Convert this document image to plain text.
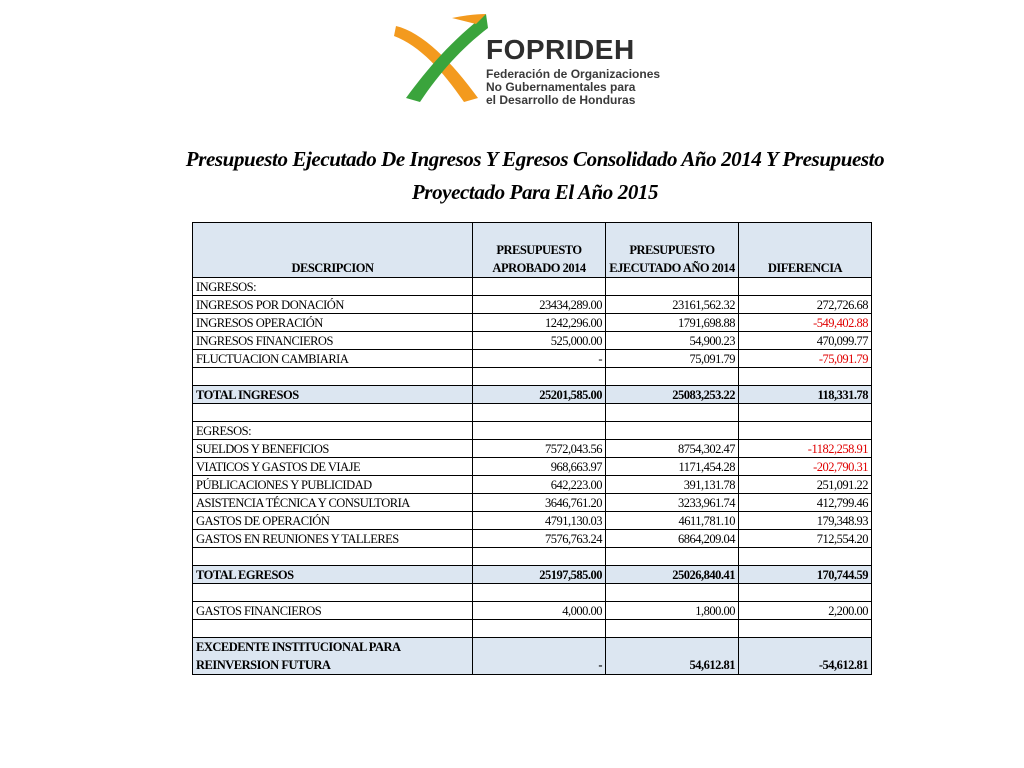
FOPRIDEH
Federación de Organizaciones
No Gubernamentales para
el Desarrollo de Honduras
Presupuesto Ejecutado De Ingresos Y Egresos Consolidado Año 2014 Y Presupuesto
Proyectado Para El Año 2015
DESCRIPCION	PRESUPUESTO APROBADO 2014	PRESUPUESTO EJECUTADO AÑO 2014	DIFERENCIA
INGRESOS:			
INGRESOS POR DONACIÓN	23434,289.00	23161,562.32	272,726.68
INGRESOS OPERACIÓN	1242,296.00	1791,698.88	-549,402.88
INGRESOS FINANCIEROS	525,000.00	54,900.23	470,099.77
FLUCTUACION CAMBIARIA	-	75,091.79	-75,091.79

TOTAL INGRESOS	25201,585.00	25083,253.22	118,331.78

EGRESOS:			
SUELDOS Y BENEFICIOS	7572,043.56	8754,302.47	-1182,258.91
VIATICOS Y GASTOS DE VIAJE	968,663.97	1171,454.28	-202,790.31
PÚBLICACIONES Y PUBLICIDAD	642,223.00	391,131.78	251,091.22
ASISTENCIA TÉCNICA Y CONSULTORIA	3646,761.20	3233,961.74	412,799.46
GASTOS DE OPERACIÓN	4791,130.03	4611,781.10	179,348.93
GASTOS EN REUNIONES Y TALLERES	7576,763.24	6864,209.04	712,554.20

TOTAL EGRESOS	25197,585.00	25026,840.41	170,744.59

GASTOS FINANCIEROS	4,000.00	1,800.00	2,200.00

EXCEDENTE INSTITUCIONAL PARA REINVERSION FUTURA	-	54,612.81	-54,612.81
